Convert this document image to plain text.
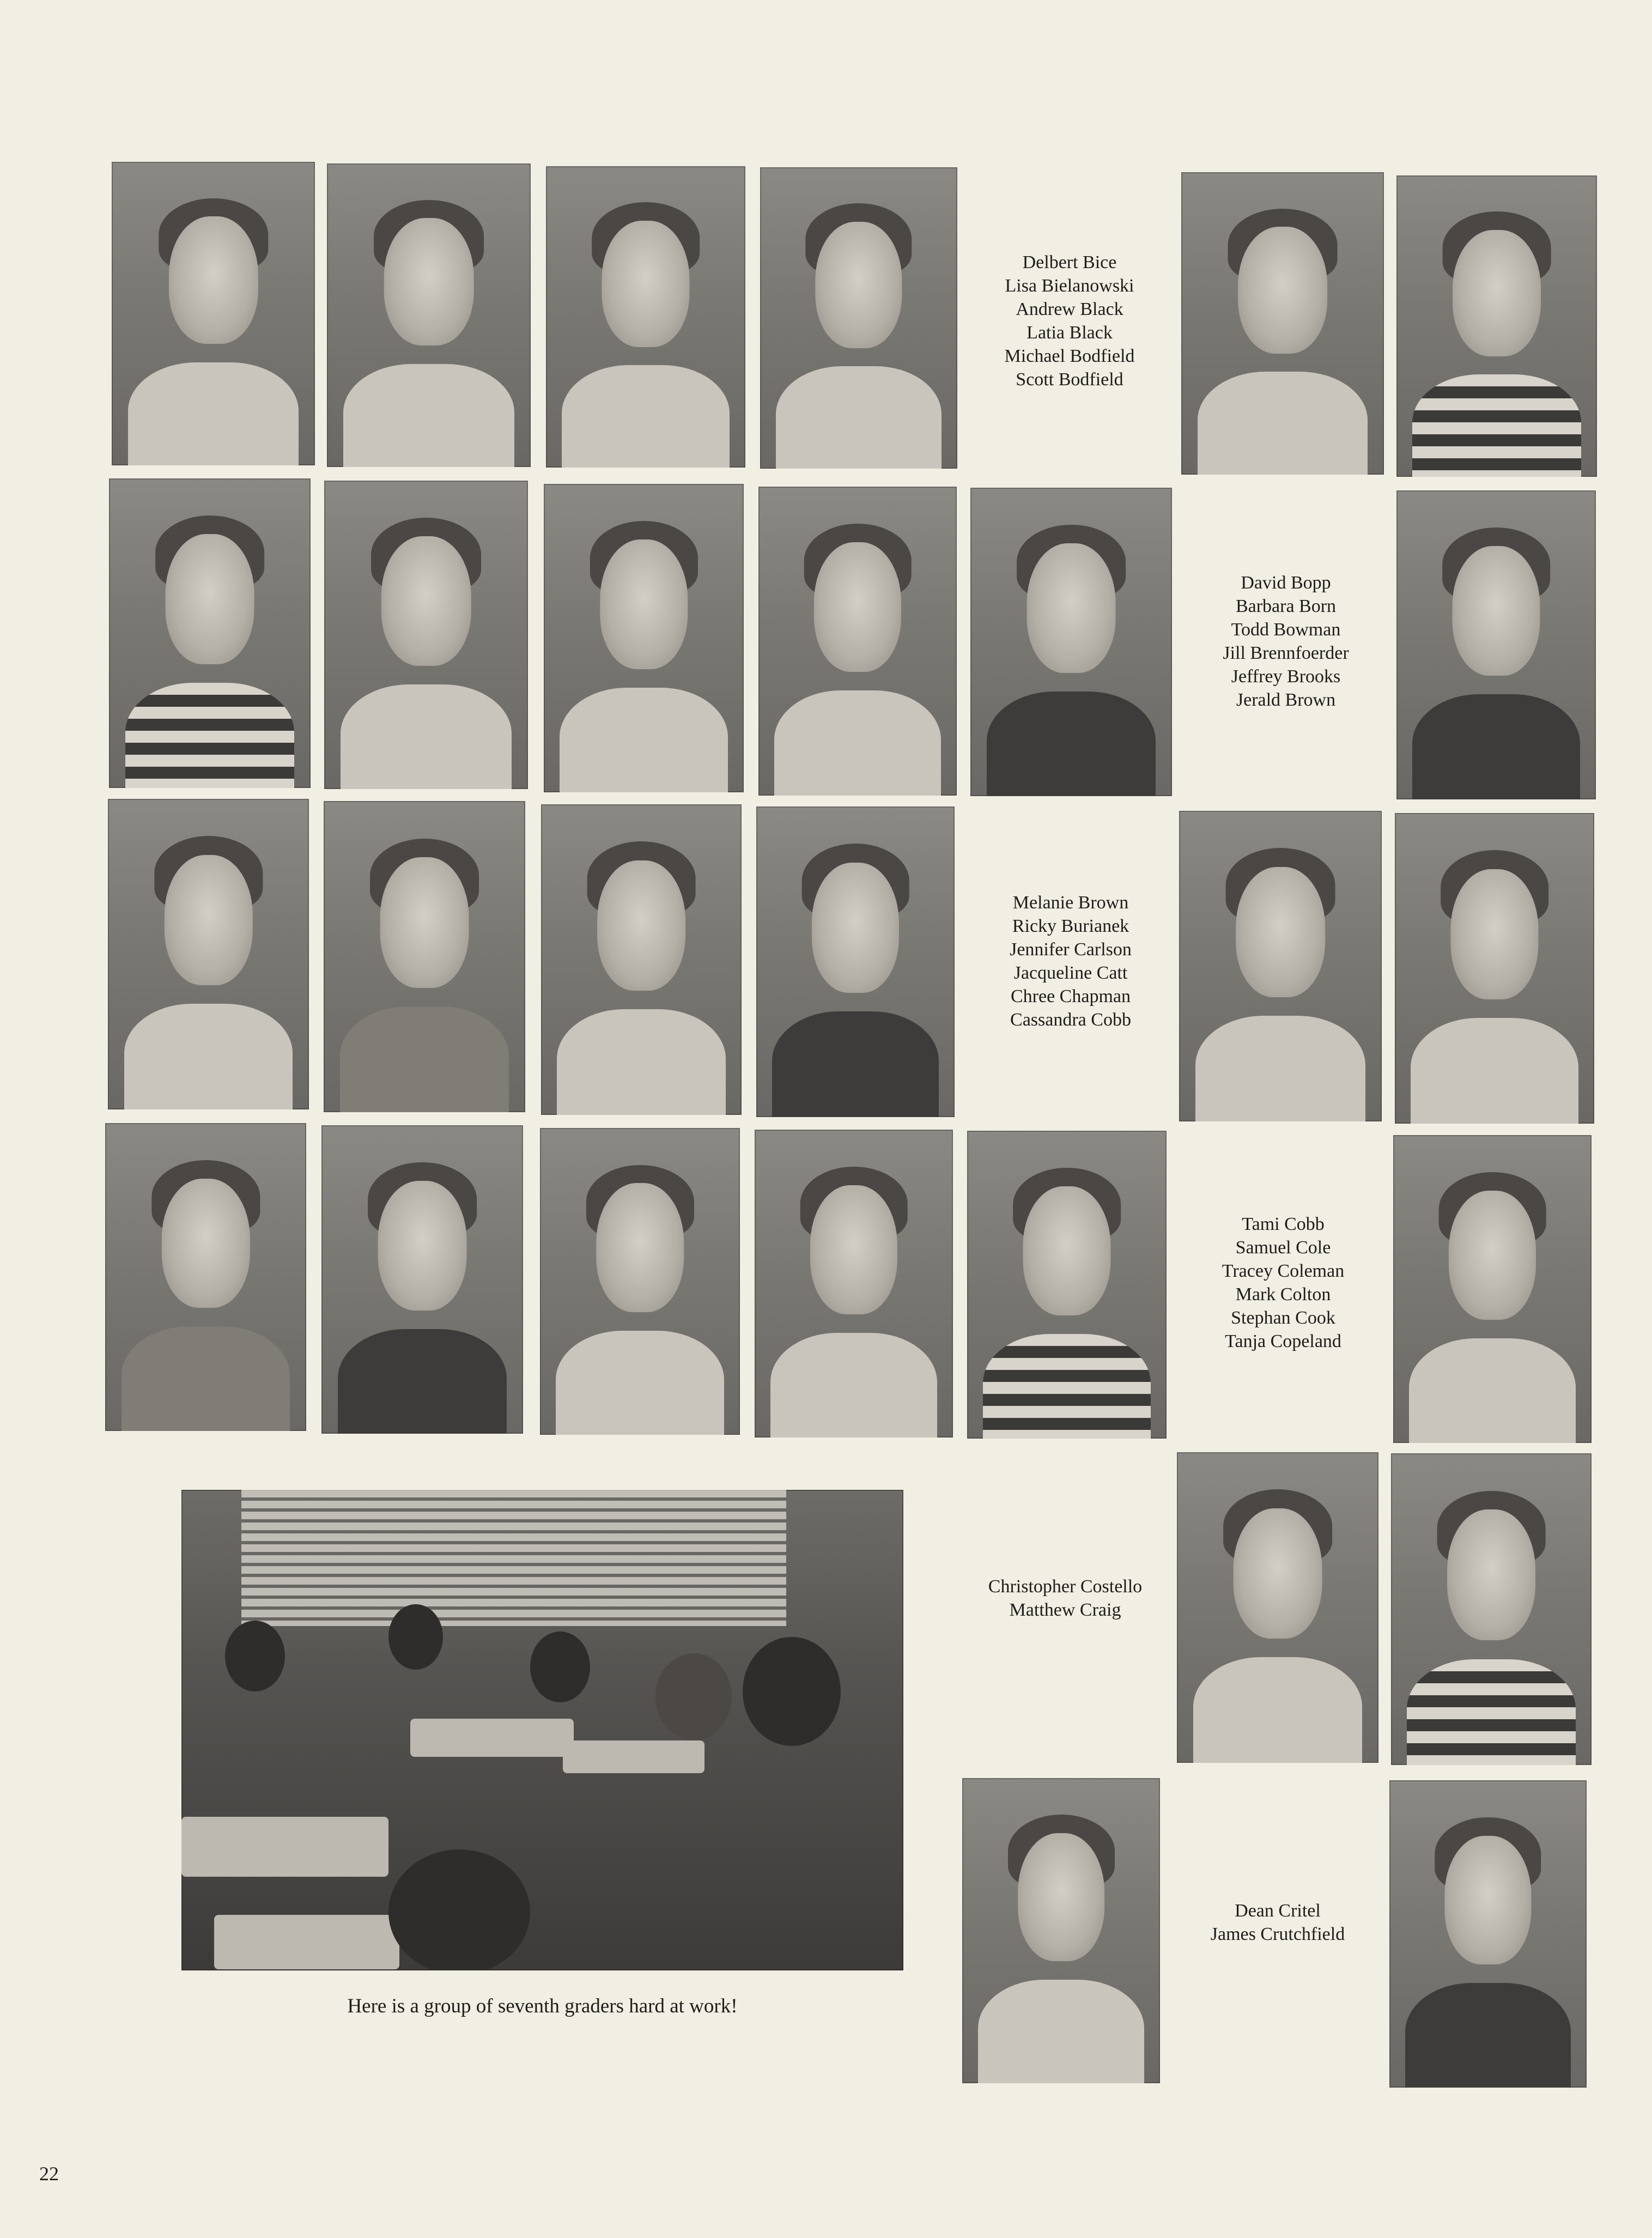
Delbert Bice
Lisa Bielanowski
Andrew Black
Latia Black
Michael Bodfield
Scott Bodfield
David Bopp
Barbara Born
Todd Bowman
Jill Brennfoerder
Jeffrey Brooks
Jerald Brown
Melanie Brown
Ricky Burianek
Jennifer Carlson
Jacqueline Catt
Chree Chapman
Cassandra Cobb
Tami Cobb
Samuel Cole
Tracey Coleman
Mark Colton
Stephan Cook
Tanja Copeland
Christopher Costello
Matthew Craig
Dean Critel
James Crutchfield
Here is a group of seventh graders hard at work!
22
